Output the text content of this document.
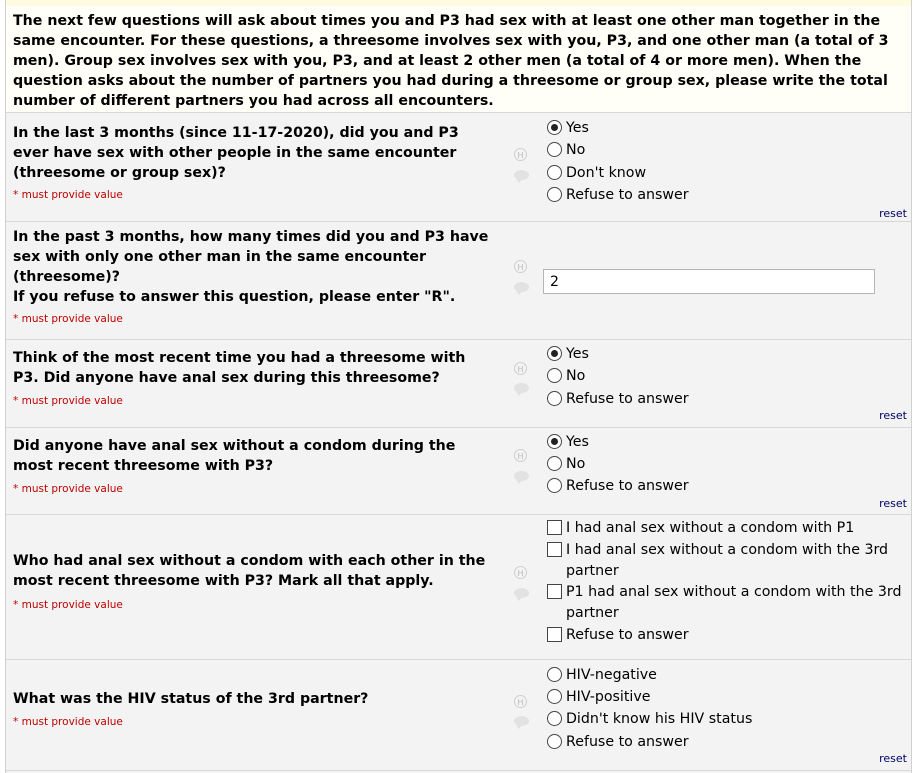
The next few questions will ask about times you and P3 had sex with at least one other man together in the same encounter. For these questions, a threesome involves sex with you, P3, and one other man (a total of 3 men). Group sex involves sex with you, P3, and at least 2 other men (a total of 4 or more men). When the question asks about the number of partners you had during a threesome or group sex, please write the total number of different partners you had across all encounters.
In the last 3 months (since 11-17-2020), did you and P3 ever have sex with other people in the same encounter (threesome or group sex)?
* must provide value
H
Yes
No
Don't know
Refuse to answer
reset
In the past 3 months, how many times did you and P3 have sex with only one other man in the same encounter (threesome)?
If you refuse to answer this question, please enter "R".
* must provide value
H
2
Think of the most recent time you had a threesome with P3. Did anyone have anal sex during this threesome?
* must provide value
H
Yes
No
Refuse to answer
reset
Did anyone have anal sex without a condom during the most recent threesome with P3?
* must provide value
H
Yes
No
Refuse to answer
reset
Who had anal sex without a condom with each other in the most recent threesome with P3? Mark all that apply.
* must provide value
H
I had anal sex without a condom with P1
I had anal sex without a condom with the 3rd
partner
P1 had anal sex without a condom with the 3rd
partner
Refuse to answer
What was the HIV status of the 3rd partner?
* must provide value
H
HIV-negative
HIV-positive
Didn't know his HIV status
Refuse to answer
reset
